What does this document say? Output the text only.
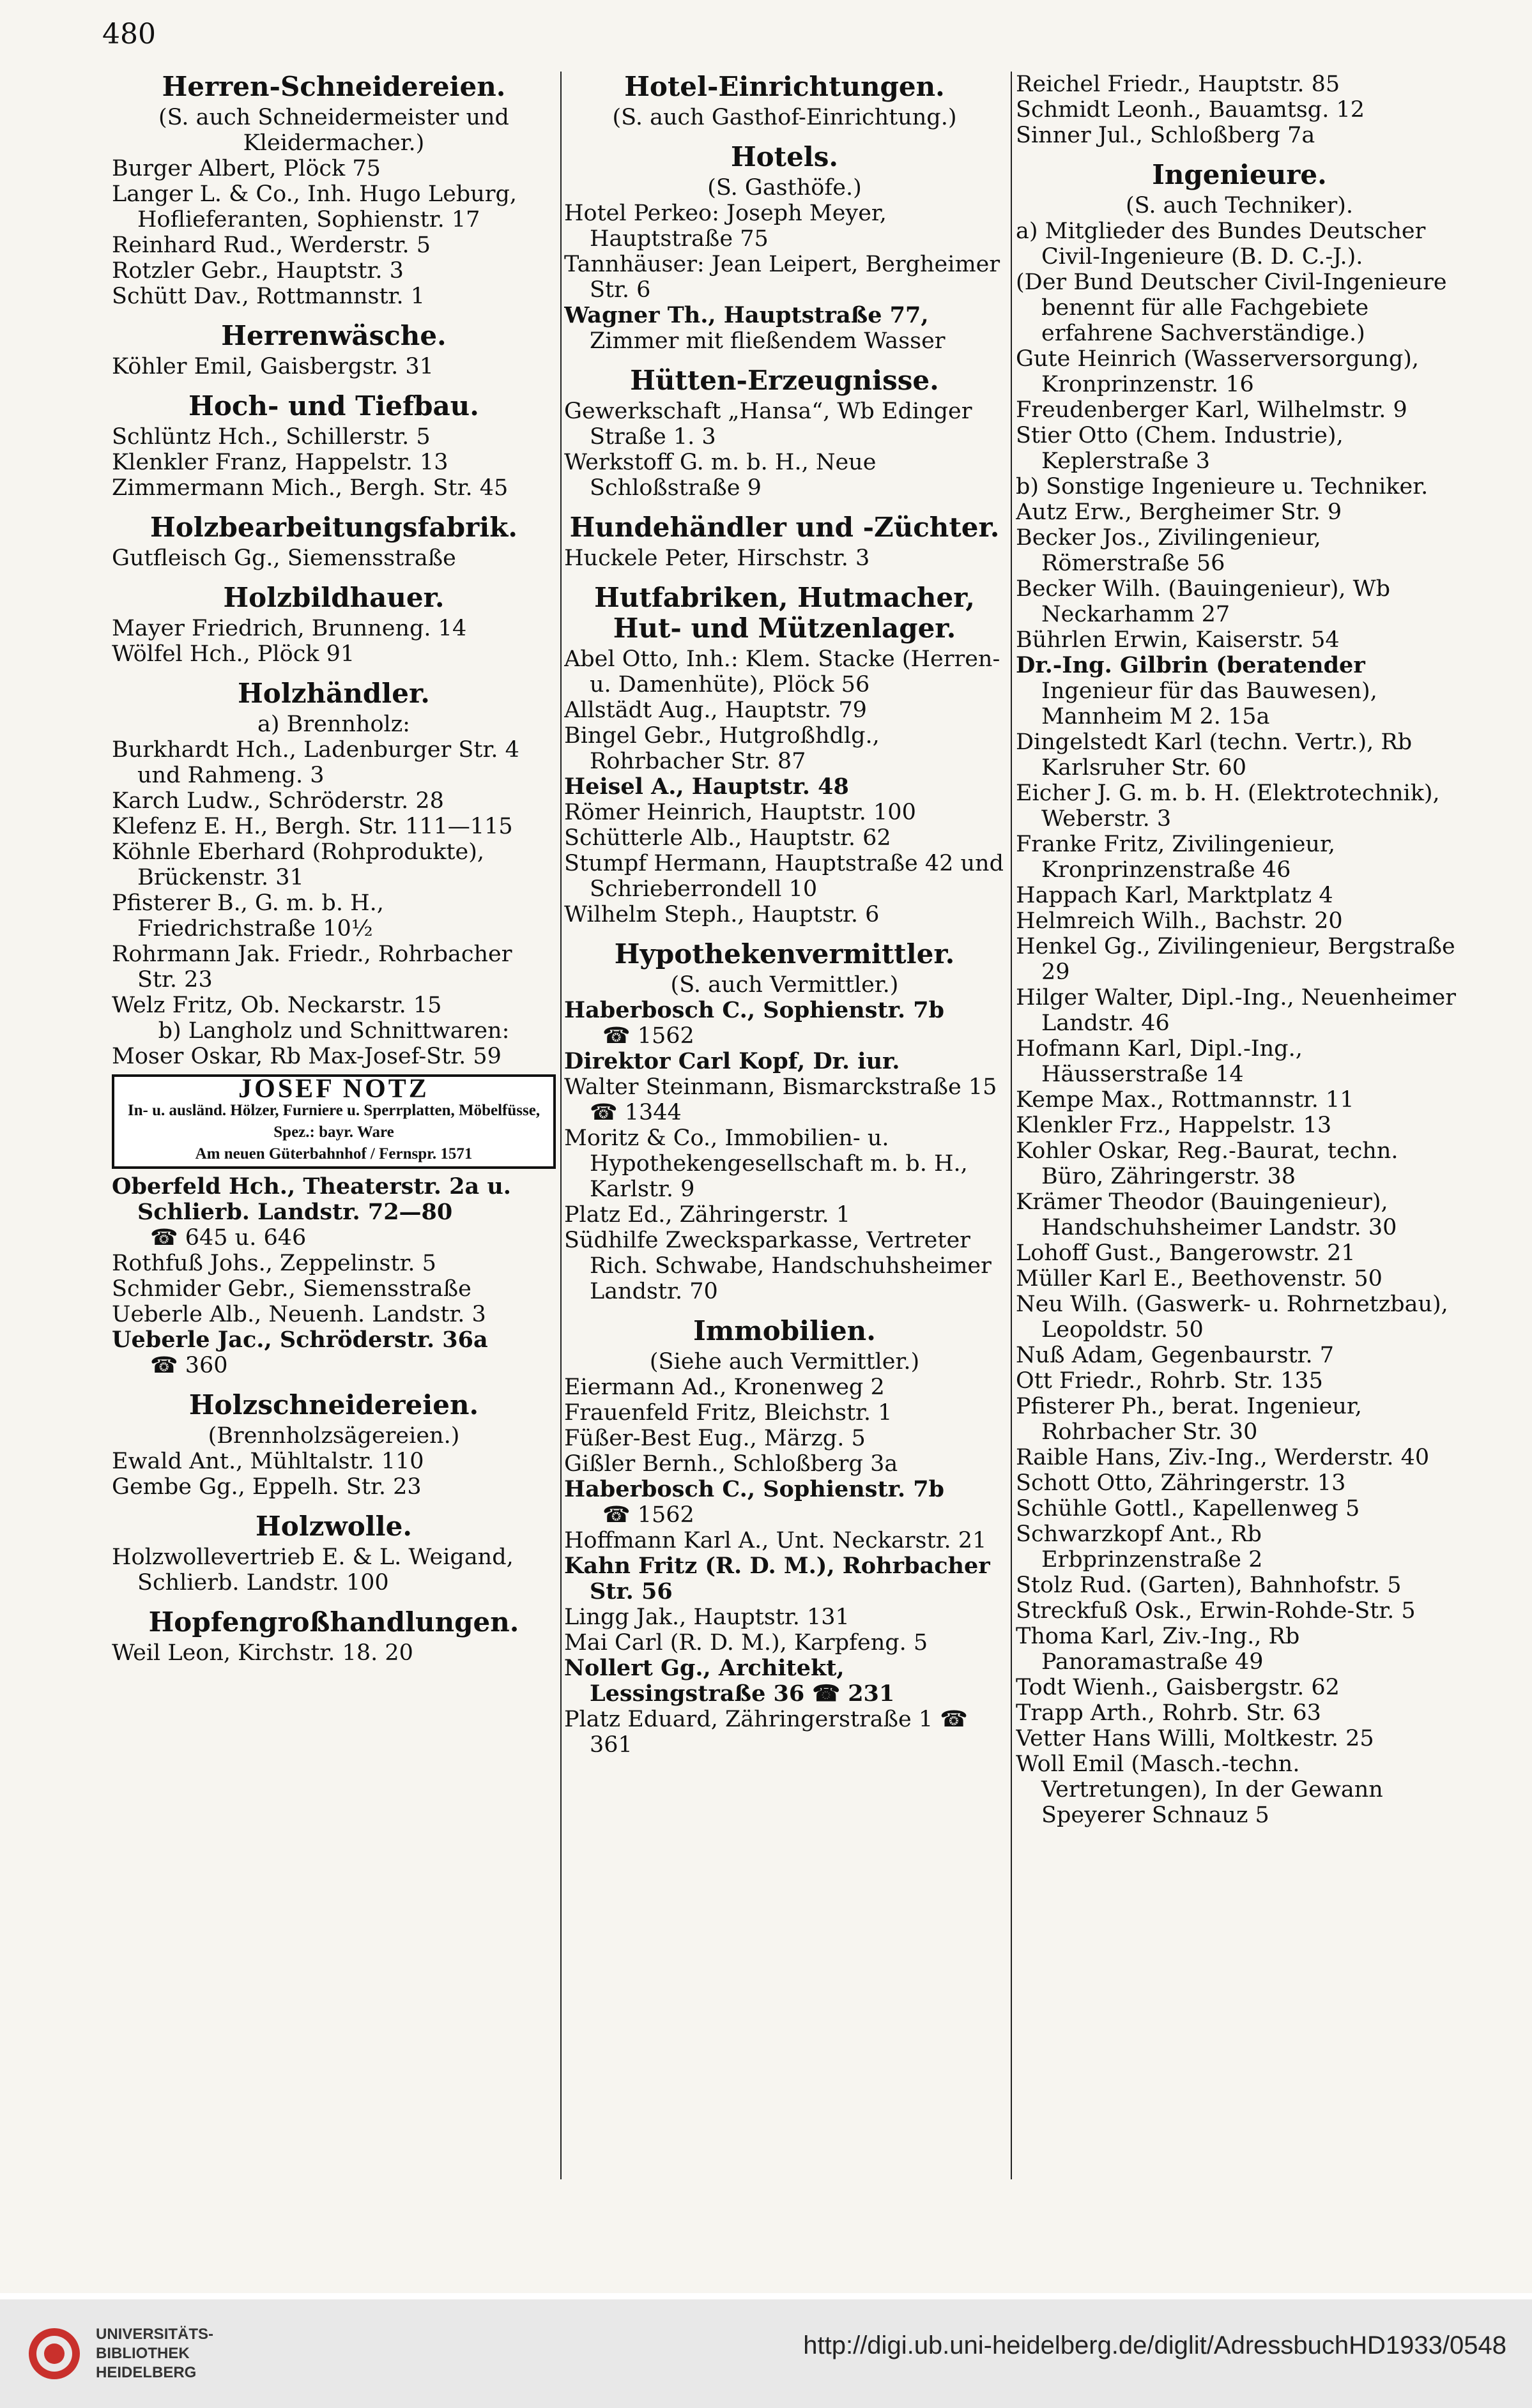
480
Herren-Schneidereien.
(S. auch Schneidermeister und Kleidermacher.)

Burger Albert, Plöck 75

Langer L. & Co., Inh. Hugo Leburg, Hoflieferanten, Sophienstr. 17

Reinhard Rud., Werderstr. 5

Rotzler Gebr., Hauptstr. 3

Schütt Dav., Rottmannstr. 1

Herrenwäsche.

Köhler Emil, Gaisbergstr. 31

Hoch- und Tiefbau.

Schlüntz Hch., Schillerstr. 5

Klenkler Franz, Happelstr. 13

Zimmermann Mich., Bergh. Str. 45

Holzbearbeitungsfabrik.

Gutfleisch Gg., Siemensstraße

Holzbildhauer.

Mayer Friedrich, Brunneng. 14

Wölfel Hch., Plöck 91

Holzhändler.
a) Brennholz:

Burkhardt Hch., Ladenburger Str. 4 und Rahmeng. 3

Karch Ludw., Schröderstr. 28

Klefenz E. H., Bergh. Str. 111—115

Köhnle Eberhard (Rohprodukte), Brückenstr. 31

Pfisterer B., G. m. b. H., Friedrichstraße 10½

Rohrmann Jak. Friedr., Rohrbacher Str. 23

Welz Fritz, Ob. Neckarstr. 15

b) Langholz und Schnittwaren:

Moser Oskar, Rb Max-Josef-Str. 59

JOSEF NOTZ
In- u. ausländ. Hölzer, Furniere u. Sperrplatten, Möbelfüsse, Spez.: bayr. Ware
Am neuen Güterbahnhof / Fernspr. 1571

Oberfeld Hch., Theaterstr. 2a u. Schlierb. Landstr. 72—80

☎ 645 u. 646

Rothfuß Johs., Zeppelinstr. 5

Schmider Gebr., Siemensstraße

Ueberle Alb., Neuenh. Landstr. 3

Ueberle Jac., Schröderstr. 36a

☎ 360

Holzschneidereien.
(Brennholzsägereien.)

Ewald Ant., Mühltalstr. 110

Gembe Gg., Eppelh. Str. 23

Holzwolle.

Holzwollevertrieb E. & L. Weigand, Schlierb. Landstr. 100

Hopfengroßhandlungen.

Weil Leon, Kirchstr. 18. 20

Hotel-Einrichtungen.
(S. auch Gasthof-Einrichtung.)
Hotels.
(S. Gasthöfe.)

Hotel Perkeo: Joseph Meyer, Hauptstraße 75

Tannhäuser: Jean Leipert, Bergheimer Str. 6

Wagner Th., Hauptstraße 77,

Zimmer mit fließendem Wasser

Hütten-Erzeugnisse.

Gewerkschaft „Hansa“, Wb Edinger Straße 1. 3

Werkstoff G. m. b. H., Neue Schloßstraße 9

Hundehändler und -Züchter.

Huckele Peter, Hirschstr. 3

Hutfabriken, Hutmacher, Hut- und Mützenlager.

Abel Otto, Inh.: Klem. Stacke (Herren- u. Damenhüte), Plöck 56

Allstädt Aug., Hauptstr. 79

Bingel Gebr., Hutgroßhdlg., Rohrbacher Str. 87

Heisel A., Hauptstr. 48

Römer Heinrich, Hauptstr. 100

Schütterle Alb., Hauptstr. 62

Stumpf Hermann, Hauptstraße 42 und Schrieberrondell 10

Wilhelm Steph., Hauptstr. 6

Hypothekenvermittler.
(S. auch Vermittler.)

Haberbosch C., Sophienstr. 7b

☎ 1562

Direktor Carl Kopf, Dr. iur.

Walter Steinmann, Bismarckstraße 15 ☎ 1344

Moritz & Co., Immobilien- u. Hypothekengesellschaft m. b. H., Karlstr. 9

Platz Ed., Zähringerstr. 1

Südhilfe Zwecksparkasse, Vertreter Rich. Schwabe, Handschuhsheimer Landstr. 70

Immobilien.
(Siehe auch Vermittler.)

Eiermann Ad., Kronenweg 2

Frauenfeld Fritz, Bleichstr. 1

Füßer-Best Eug., Märzg. 5

Gißler Bernh., Schloßberg 3a

Haberbosch C., Sophienstr. 7b

☎ 1562

Hoffmann Karl A., Unt. Neckarstr. 21

Kahn Fritz (R. D. M.), Rohrbacher Str. 56

Lingg Jak., Hauptstr. 131

Mai Carl (R. D. M.), Karpfeng. 5

Nollert Gg., Architekt, Lessingstraße 36 ☎ 231

Platz Eduard, Zähringerstraße 1 ☎ 361

Reichel Friedr., Hauptstr. 85

Schmidt Leonh., Bauamtsg. 12

Sinner Jul., Schloßberg 7a

Ingenieure.
(S. auch Techniker).

a) Mitglieder des Bundes Deutscher Civil-Ingenieure (B. D. C.-J.).

(Der Bund Deutscher Civil-Ingenieure benennt für alle Fachgebiete erfahrene Sachverständige.)

Gute Heinrich (Wasserversorgung), Kronprinzenstr. 16

Freudenberger Karl, Wilhelmstr. 9

Stier Otto (Chem. Industrie), Keplerstraße 3

b) Sonstige Ingenieure u. Techniker.

Autz Erw., Bergheimer Str. 9

Becker Jos., Zivilingenieur, Römerstraße 56

Becker Wilh. (Bauingenieur), Wb Neckarhamm 27

Bührlen Erwin, Kaiserstr. 54

Dr.-Ing. Gilbrin (beratender

Ingenieur für das Bauwesen), Mannheim M 2. 15a

Dingelstedt Karl (techn. Vertr.), Rb Karlsruher Str. 60

Eicher J. G. m. b. H. (Elektrotechnik), Weberstr. 3

Franke Fritz, Zivilingenieur, Kronprinzenstraße 46

Happach Karl, Marktplatz 4

Helmreich Wilh., Bachstr. 20

Henkel Gg., Zivilingenieur, Bergstraße 29

Hilger Walter, Dipl.-Ing., Neuenheimer Landstr. 46

Hofmann Karl, Dipl.-Ing., Häusserstraße 14

Kempe Max., Rottmannstr. 11

Klenkler Frz., Happelstr. 13

Kohler Oskar, Reg.-Baurat, techn. Büro, Zähringerstr. 38

Krämer Theodor (Bauingenieur), Handschuhsheimer Landstr. 30

Lohoff Gust., Bangerowstr. 21

Müller Karl E., Beethovenstr. 50

Neu Wilh. (Gaswerk- u. Rohrnetzbau), Leopoldstr. 50

Nuß Adam, Gegenbaurstr. 7

Ott Friedr., Rohrb. Str. 135

Pfisterer Ph., berat. Ingenieur, Rohrbacher Str. 30

Raible Hans, Ziv.-Ing., Werderstr. 40

Schott Otto, Zähringerstr. 13

Schühle Gottl., Kapellenweg 5

Schwarzkopf Ant., Rb Erbprinzenstraße 2

Stolz Rud. (Garten), Bahnhofstr. 5

Streckfuß Osk., Erwin-Rohde-Str. 5

Thoma Karl, Ziv.-Ing., Rb Panoramastraße 49

Todt Wienh., Gaisbergstr. 62

Trapp Arth., Rohrb. Str. 63

Vetter Hans Willi, Moltkestr. 25

Woll Emil (Masch.-techn. Vertretungen), In der Gewann Speyerer Schnauz 5

UNIVERSITÄTS-
BIBLIOTHEK
HEIDELBERG
http://digi.ub.uni-heidelberg.de/diglit/AdressbuchHD1933/0548
